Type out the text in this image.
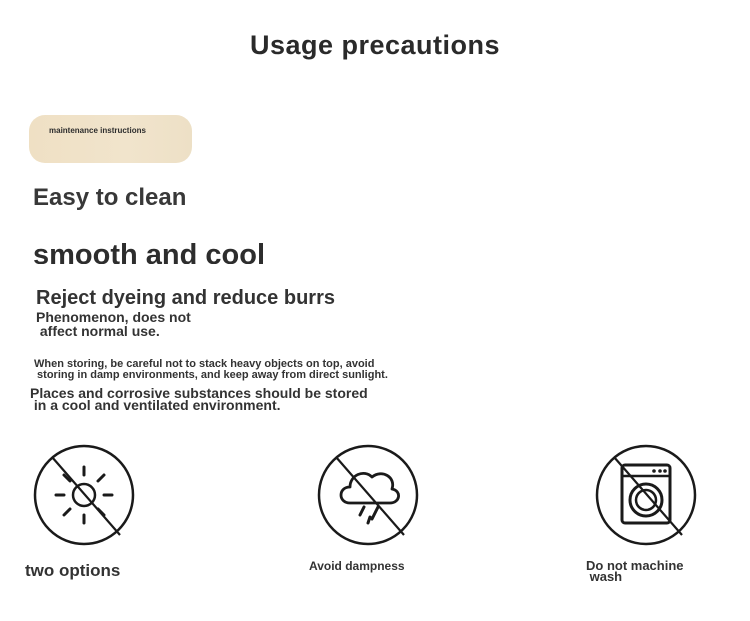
Usage precautions
maintenance instructions
Easy to clean
smooth and cool
Reject dyeing and reduce burrs
Phenomenon, does not
affect normal use.
When storing, be careful not to stack heavy objects on top, avoid
storing in damp environments, and keep away from direct sunlight.
Places and corrosive substances should be stored
in a cool and ventilated environment.
two options	Avoid dampness	Do not machine
wash
